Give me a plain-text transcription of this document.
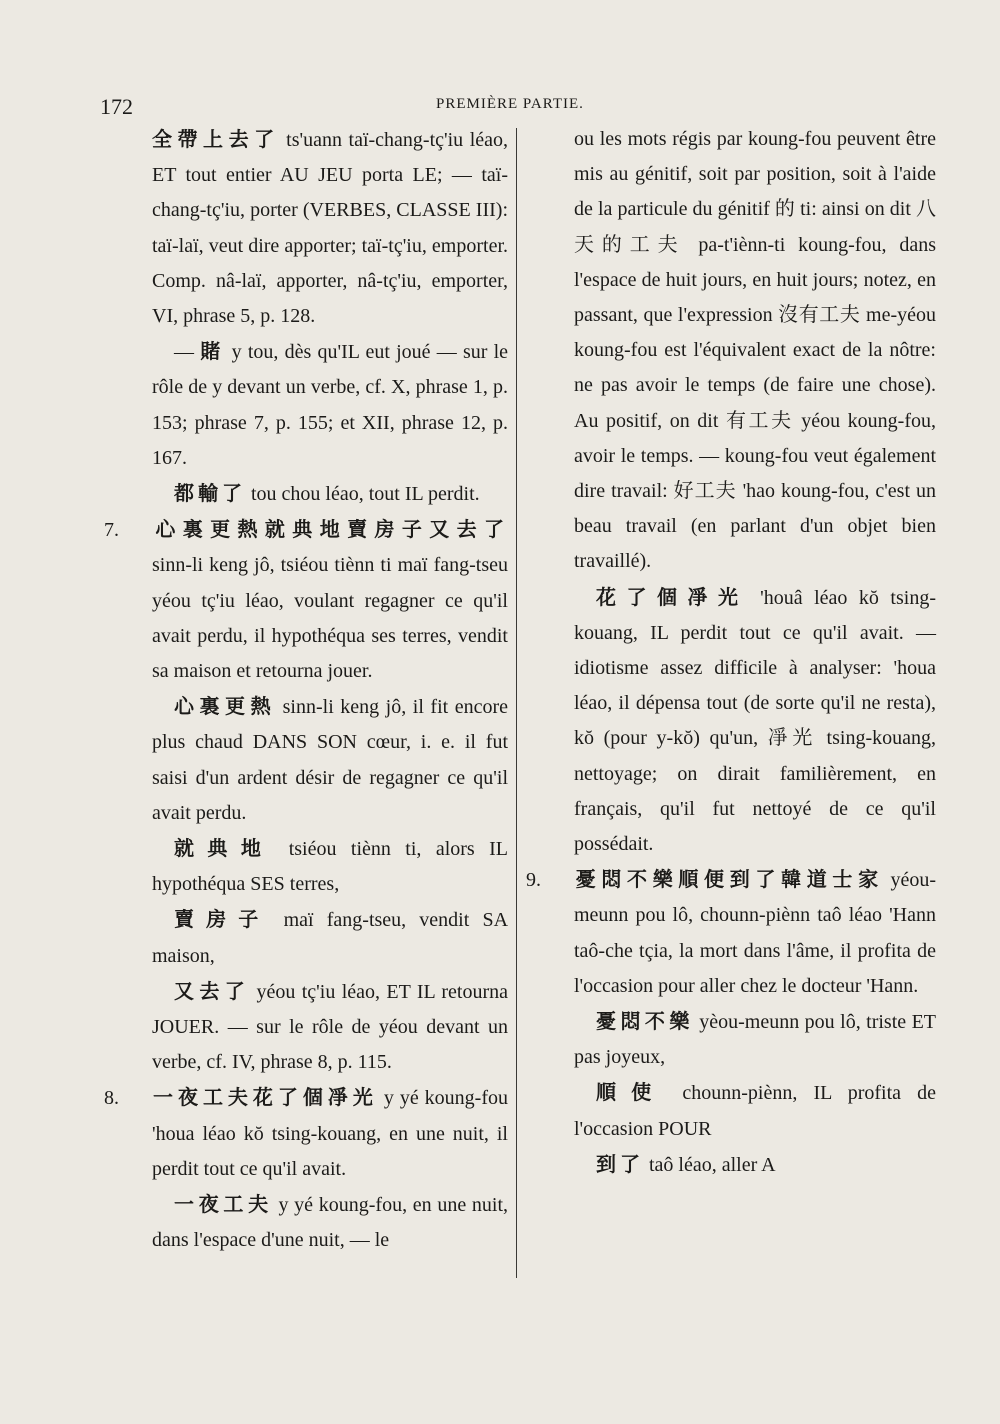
172	PREMIÈRE PARTIE.

全帶上去了 ts'uann taï-chang-tç'iu léao, ET tout entier AU JEU porta LE; — taï-chang-tç'iu, porter (VERBES, CLASSE III): taï-laï, veut dire apporter; taï-tç'iu, emporter. Comp. nâ-laï, apporter, nâ-tç'iu, emporter, VI, phrase 5, p. 128.

— 賭 y tou, dès qu'IL eut joué — sur le rôle de y devant un verbe, cf. X, phrase 1, p. 153; phrase 7, p. 155; et XII, phrase 12, p. 167.

都輸了 tou chou léao, tout IL perdit.

7. 心裏更熱就典地賣房子又去了 sinn-li keng jô, tsiéou tiènn ti maï fang-tseu yéou tç'iu léao, voulant regagner ce qu'il avait perdu, il hypothéqua ses terres, vendit sa maison et retourna jouer.

心裏更熱 sinn-li keng jô, il fit encore plus chaud DANS SON cœur, i. e. il fut saisi d'un ardent désir de regagner ce qu'il avait perdu.

就典地 tsiéou tiènn ti, alors IL hypothéqua SES terres,

賣房子 maï fang-tseu, vendit SA maison,

又去了 yéou tç'iu léao, ET IL retourna JOUER. — sur le rôle de yéou devant un verbe, cf. IV, phrase 8, p. 115.

8. 一夜工夫花了個凈光 y yé koung-fou 'houa léao kŏ tsing-kouang, en une nuit, il perdit tout ce qu'il avait.

一夜工夫 y yé koung-fou, en une nuit, dans l'espace d'une nuit, — le

ou les mots régis par koung-fou peuvent être mis au génitif, soit par position, soit à l'aide de la particule du génitif 的 ti: ainsi on dit 八天的工夫 pa-t'iènn-ti koung-fou, dans l'espace de huit jours, en huit jours; notez, en passant, que l'expression 沒有工夫 me-yéou koung-fou est l'équivalent exact de la nôtre: ne pas avoir le temps (de faire une chose). Au positif, on dit 有工夫 yéou koung-fou, avoir le temps. — koung-fou veut également dire travail: 好工夫 'hao koung-fou, c'est un beau travail (en parlant d'un objet bien travaillé).

花了個凈光 'houâ léao kŏ tsing-kouang, IL perdit tout ce qu'il avait. — idiotisme assez difficile à analyser: 'houa léao, il dépensa tout (de sorte qu'il ne resta), kŏ (pour y-kŏ) qu'un, 凈光 tsing-kouang, nettoyage; on dirait familièrement, en français, qu'il fut nettoyé de ce qu'il possédait.

9. 憂悶不樂順便到了韓道士家 yéou-meunn pou lô, chounn-piènn taô léao 'Hann taô-che tçia, la mort dans l'âme, il profita de l'occasion pour aller chez le docteur 'Hann.

憂悶不樂 yèou-meunn pou lô, triste ET pas joyeux,

順使 chounn-piènn, IL profita de l'occasion POUR

到了 taô léao, aller A
